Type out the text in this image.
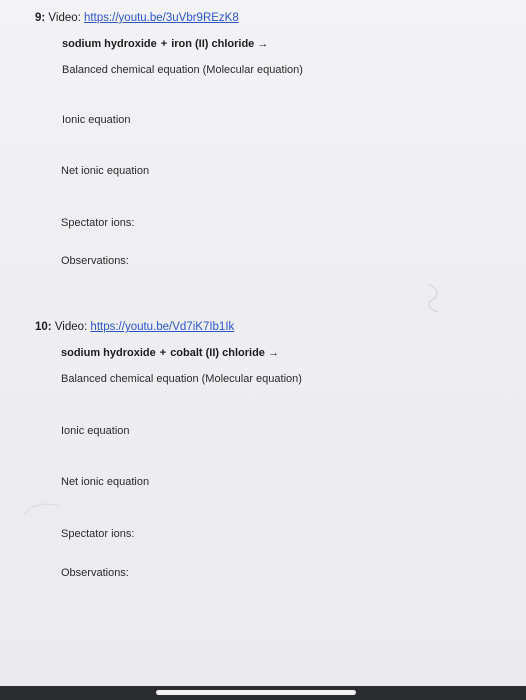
9: Video: https://youtu.be/3uVbr9REzK8
sodium hydroxide + iron (II) chloride →
Balanced chemical equation (Molecular equation)
Ionic equation
Net ionic equation
Spectator ions:
Observations:
10: Video: https://youtu.be/Vd7iK7Ib1Ik
sodium hydroxide + cobalt (II) chloride →
Balanced chemical equation (Molecular equation)
Ionic equation
Net ionic equation
Spectator ions:
Observations:
